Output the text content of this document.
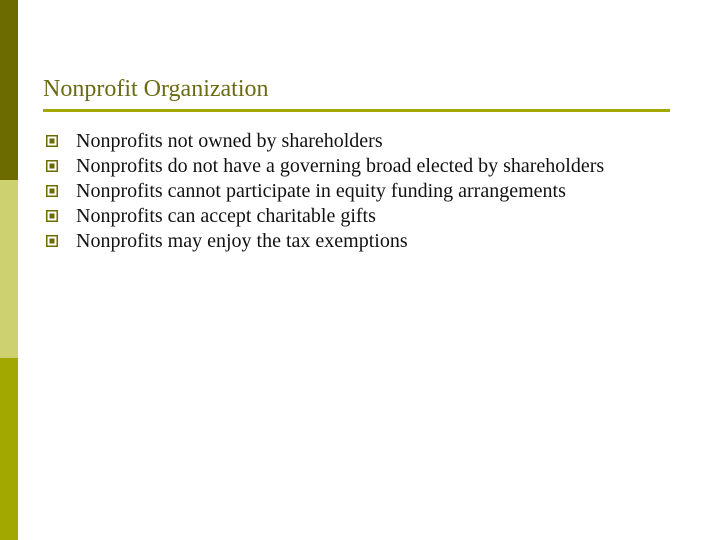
Nonprofit Organization
Nonprofits not owned by shareholders
Nonprofits do not have a governing broad elected by shareholders
Nonprofits cannot participate in equity funding arrangements
Nonprofits can accept charitable gifts
Nonprofits may enjoy the tax exemptions
